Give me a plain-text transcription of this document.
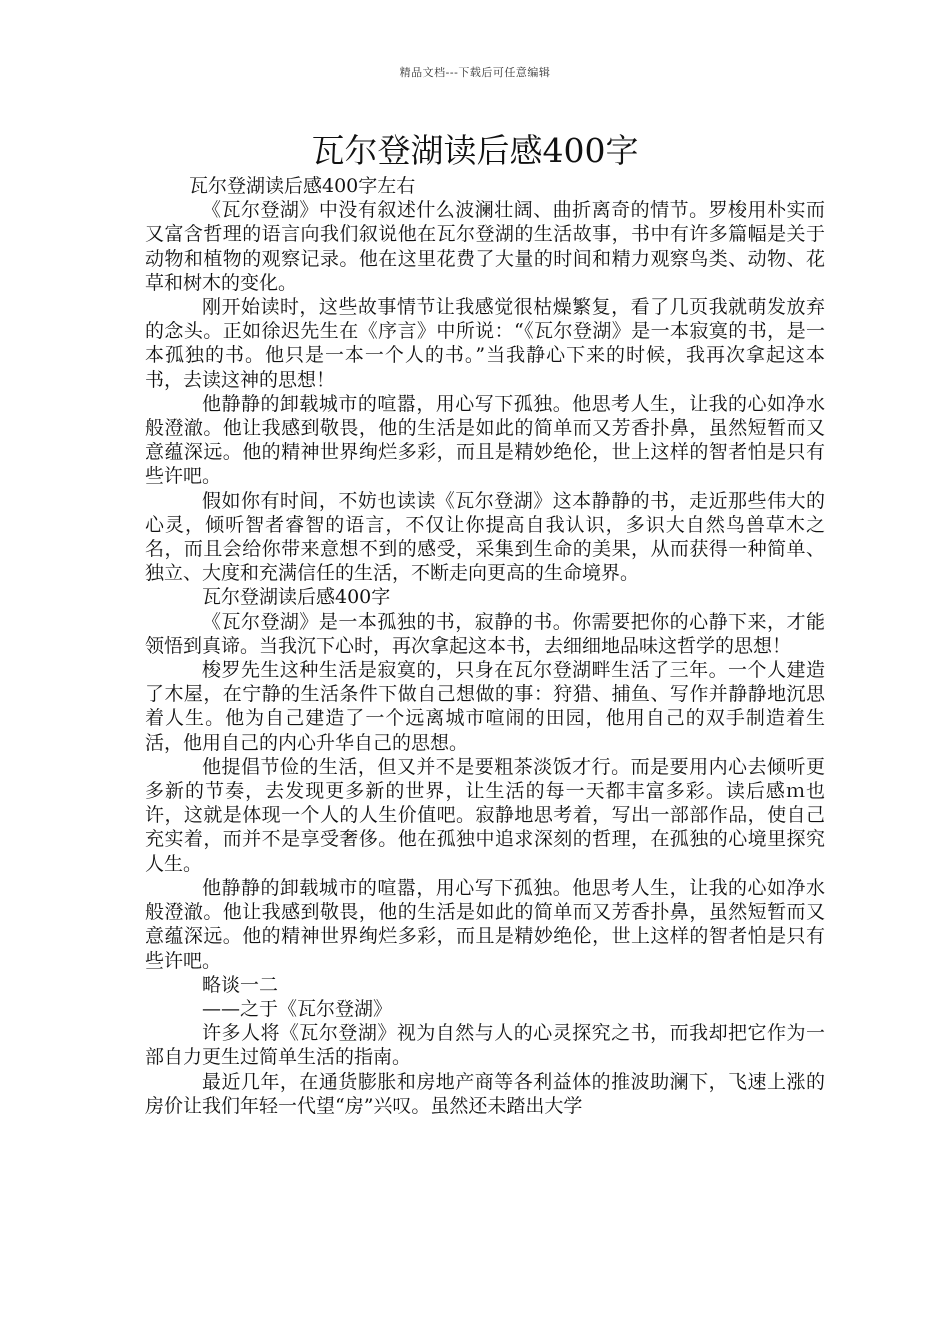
精品文档---下载后可任意编辑
瓦尔登湖读后感400字

瓦尔登湖读后感400字左右

《瓦尔登湖》中没有叙述什么波澜壮阔、曲折离奇的情节。罗梭用朴实而又富含哲理的语言向我们叙说他在瓦尔登湖的生活故事，书中有许多篇幅是关于动物和植物的观察记录。他在这里花费了大量的时间和精力观察鸟类、动物、花草和树木的变化。

刚开始读时，这些故事情节让我感觉很枯燥繁复，看了几页我就萌发放弃的念头。正如徐迟先生在《序言》中所说：“《瓦尔登湖》是一本寂寞的书，是一本孤独的书。他只是一本一个人的书。”当我静心下来的时候，我再次拿起这本书，去读这神的思想！

他静静的卸载城市的喧嚣，用心写下孤独。他思考人生，让我的心如净水般澄澈。他让我感到敬畏，他的生活是如此的简单而又芳香扑鼻，虽然短暂而又意蕴深远。他的精神世界绚烂多彩，而且是精妙绝伦，世上这样的智者怕是只有些许吧。

假如你有时间，不妨也读读《瓦尔登湖》这本静静的书，走近那些伟大的心灵，倾听智者睿智的语言，不仅让你提高自我认识，多识大自然鸟兽草木之名，而且会给你带来意想不到的感受，采集到生命的美果，从而获得一种简单、独立、大度和充满信任的生活，不断走向更高的生命境界。

瓦尔登湖读后感400字

《瓦尔登湖》是一本孤独的书，寂静的书。你需要把你的心静下来，才能领悟到真谛。当我沉下心时，再次拿起这本书，去细细地品味这哲学的思想！

梭罗先生这种生活是寂寞的，只身在瓦尔登湖畔生活了三年。一个人建造了木屋，在宁静的生活条件下做自己想做的事：狩猎、捕鱼、写作并静静地沉思着人生。他为自己建造了一个远离城市喧闹的田园，他用自己的双手制造着生活，他用自己的内心升华自己的思想。

他提倡节俭的生活，但又并不是要粗茶淡饭才行。而是要用内心去倾听更多新的节奏，去发现更多新的世界，让生活的每一天都丰富多彩。读后感ｍ也许，这就是体现一个人的人生价值吧。寂静地思考着，写出一部部作品，使自己充实着，而并不是享受奢侈。他在孤独中追求深刻的哲理，在孤独的心境里探究人生。

他静静的卸载城市的喧嚣，用心写下孤独。他思考人生，让我的心如净水般澄澈。他让我感到敬畏，他的生活是如此的简单而又芳香扑鼻，虽然短暂而又意蕴深远。他的精神世界绚烂多彩，而且是精妙绝伦，世上这样的智者怕是只有些许吧。

略谈一二

——之于《瓦尔登湖》

许多人将《瓦尔登湖》视为自然与人的心灵探究之书，而我却把它作为一部自力更生过简单生活的指南。

最近几年，在通货膨胀和房地产商等各利益体的推波助澜下，飞速上涨的房价让我们年轻一代望“房”兴叹。虽然还未踏出大学
